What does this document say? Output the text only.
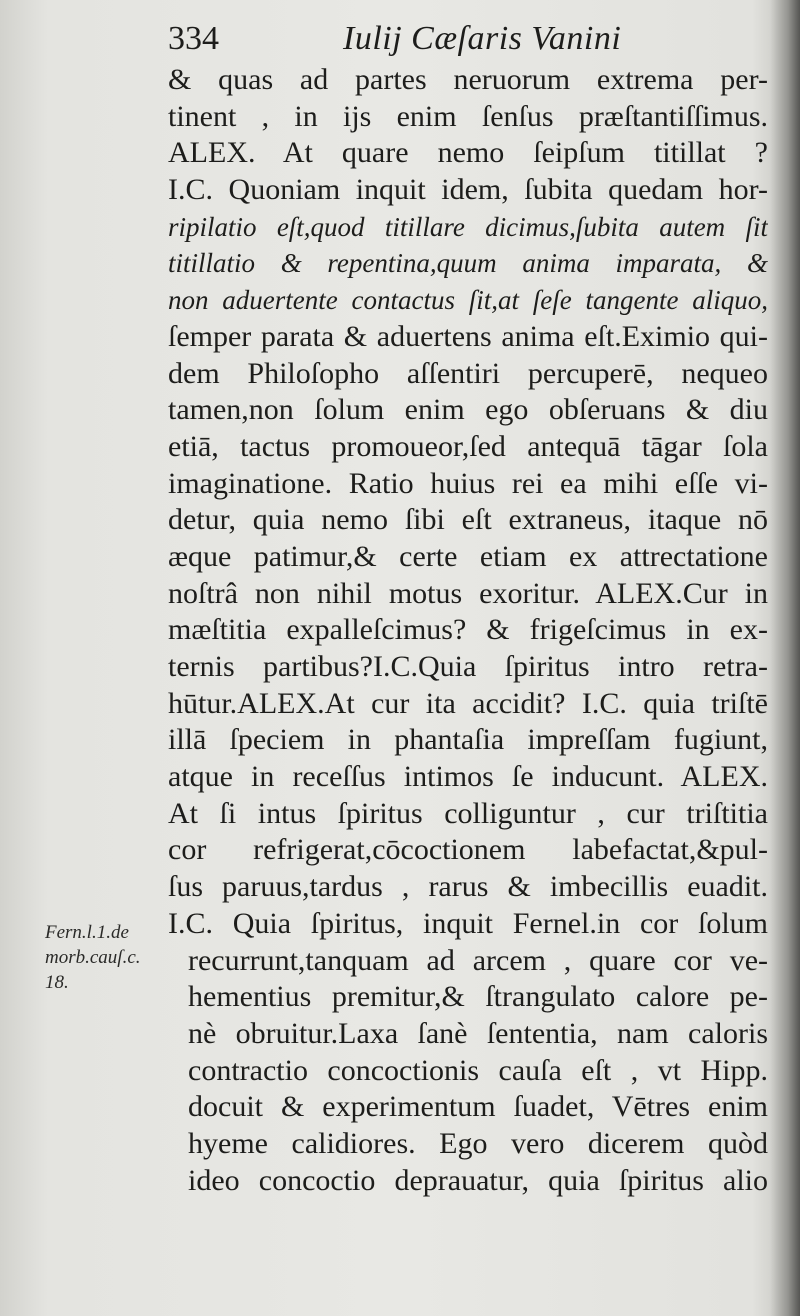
334	Iulij Cæſaris Vanini
& quas ad partes neruorum extrema per-
tinent , in ijs enim ſenſus præſtantiſſimus.
ALEX. At quare nemo ſeipſum titillat ?
I.C. Quoniam inquit idem, ſubita quedam hor-
ripilatio eſt,quod titillare dicimus,ſubita autem ſit
titillatio & repentina,quum anima imparata, &
non aduertente contactus ſit,at ſeſe tangente aliquo,
ſemper parata & aduertens anima eſt.Eximio qui-
dem Philoſopho aſſentiri percuperē, nequeo
tamen,non ſolum enim ego obſeruans & diu
etiā, tactus promoueor,ſed antequā tāgar ſola
imaginatione. Ratio huius rei ea mihi eſſe vi-
detur, quia nemo ſibi eſt extraneus, itaque nō
æque patimur,& certe etiam ex attrectatione
noſtrâ non nihil motus exoritur. ALEX.Cur in
mæſtitia expalleſcimus? & frigeſcimus in ex-
ternis partibus?I.C.Quia ſpiritus intro retra-
hūtur.ALEX.At cur ita accidit? I.C. quia triſtē
illā ſpeciem in phantaſia impreſſam fugiunt,
atque in receſſus intimos ſe inducunt. ALEX.
At ſi intus ſpiritus colliguntur , cur triſtitia
cor refrigerat,cōcoctionem labefactat,&pul-
ſus paruus,tardus , rarus & imbecillis euadit.
I.C. Quia ſpiritus, inquit Fernel.in cor ſolum
recurrunt,tanquam ad arcem , quare cor ve-
hementius premitur,& ſtrangulato calore pe-
nè obruitur.Laxa ſanè ſententia, nam caloris
contractio concoctionis cauſa eſt , vt Hipp.
docuit & experimentum ſuadet, Vētres enim
hyeme calidiores. Ego vero dicerem quòd
ideo concoctio deprauatur, quia ſpiritus alio
Fern.l.1.de
morb.cauſ.c.
18.
